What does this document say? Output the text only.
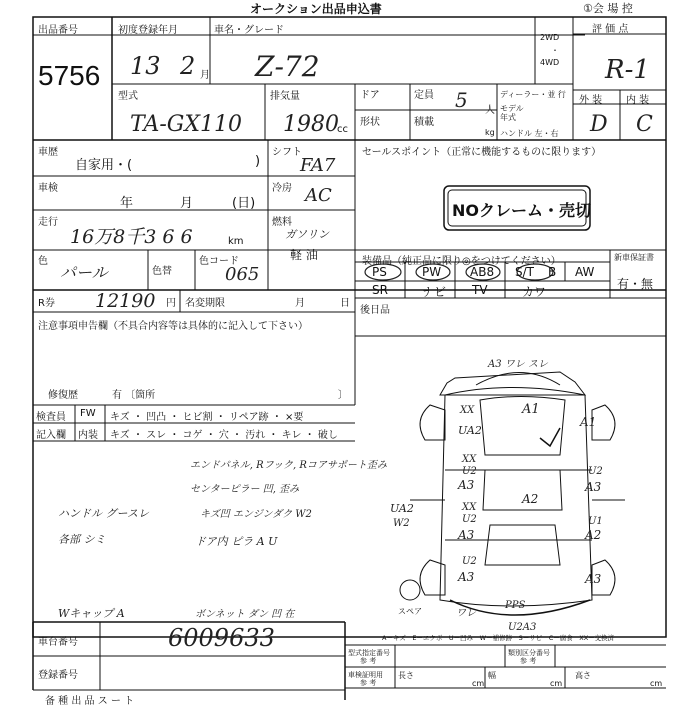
オークション出品申込書	①会 場 控
出品番号
5756
初度登録年月
13 2 月
車名・グレード
Z-72
2WD
・
4WD
評 価 点
R-1
型式
TA-GX110
排気量
1980
cc
ドア	定員 5 人
ディーラー・並 行
モデル
年式
形状	積載
kg ハンドル 左・右
外 装 内 装
D C
車歴
自家用・(	)
シフト
FA7
セールスポイント（正常に機能するものに限ります）
NOクレーム・売切
車検
年	月	(日)
冷房 AC
走行
16万8千3 6 6	km
燃料
ガソリン
軽 油
色
パール	色替
色コード
065
装備品（純正品に限り◎をつけてください）	新車保証書
有・無
PS	PW AB8 S/T B AW
SR	ナビ TV	カワ
後日品
R券 12190 円 名変期限	月	日
注意事項申告欄（不具合内容等は具体的に記入して下さい）
修復歴	有 〔箇所	〕
検査員 FW キズ ・ 凹凸 ・ ヒビ割 ・ リペア跡 ・ ×要
記入欄 内装 キズ ・ スレ ・ コゲ ・ 穴 ・ 汚れ ・ キレ ・ 破し
エンドパネル, Rフック, Rコアサポート歪み
センターピラー 凹, 歪み
ハンドル グースレ	キズ凹 エンジンダク W2
各部 シミ	ドア内 ピラ A U
Wキャップ A	ボンネット ダン 凹 在
A3 ワレ スレ
A1
A1
XX
UA2
A2
XX
U2
A3
U2
A3
UA2
W2	U1
A2
XX
U2
A3
U2
A3	A3
PPS
U2A3
ワレ
スペア
A－キズ　E－エクボ　U－凹み　W－補修跡　S－サビ　C－腐食　XX－交換済
車台番号	6009633
登録番号
型式指定番号
参 考
類別区分番号
参 考
車検証明用
参 考
長さ
cm
幅
cm
高さ
cm
备 種 出 品 ス ー ト
